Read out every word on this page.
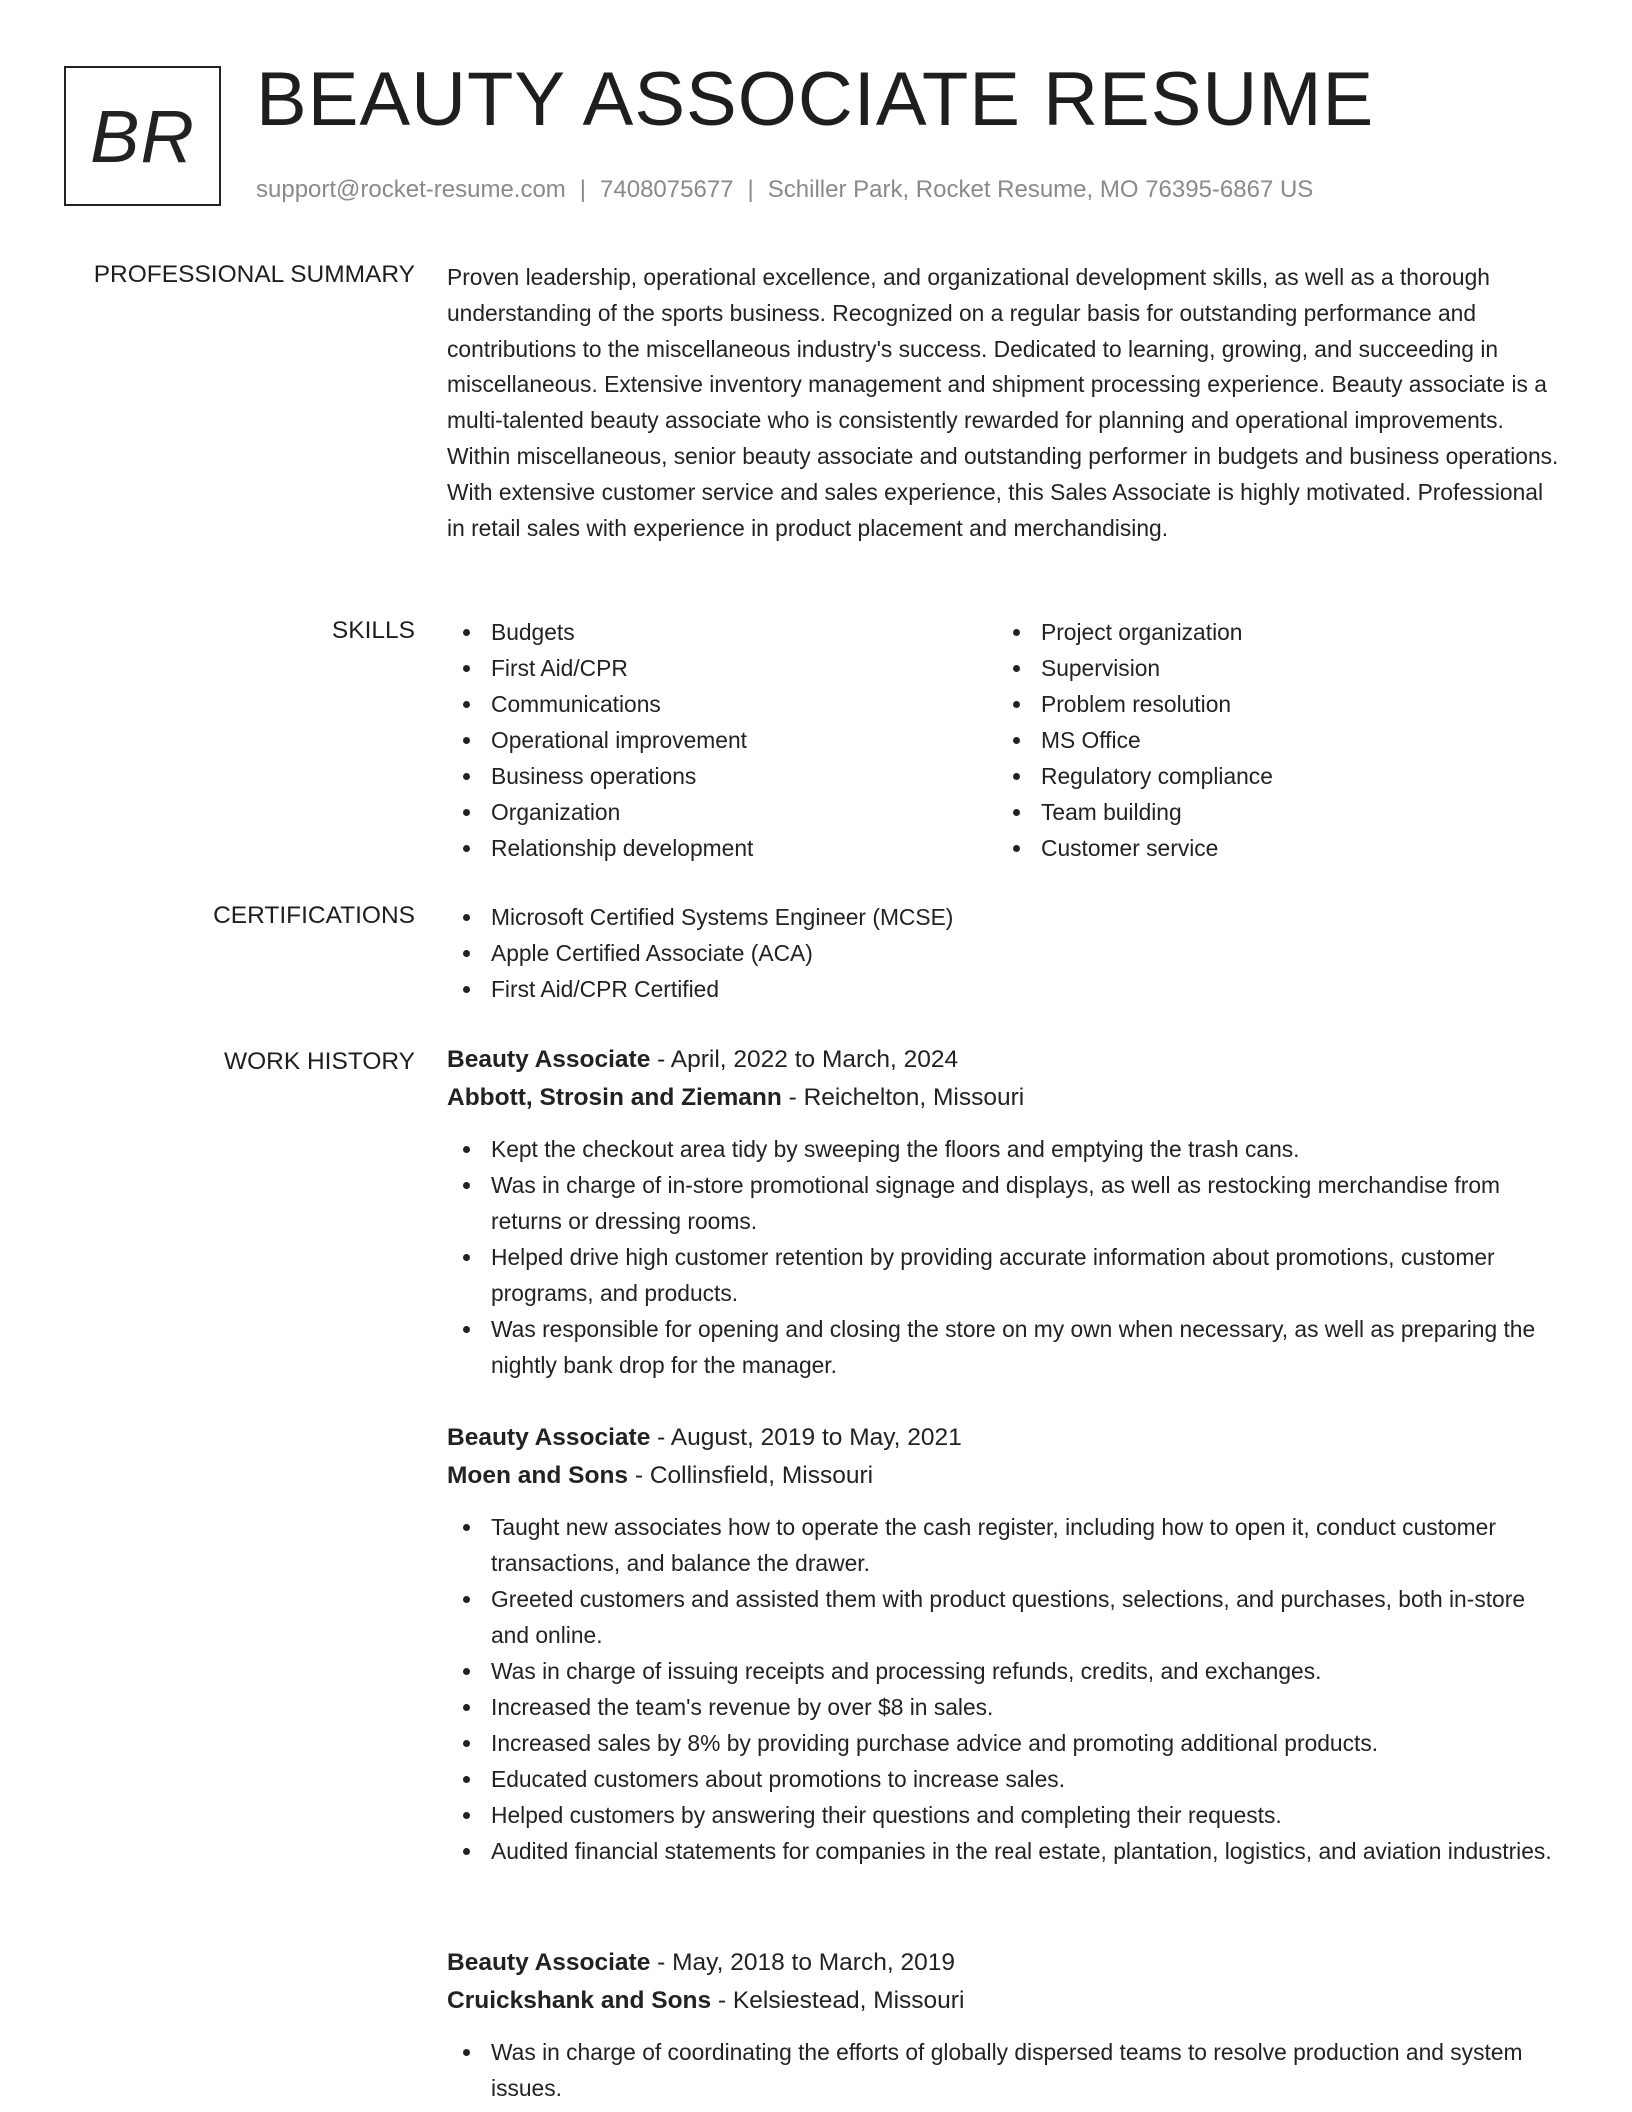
BR BEAUTY ASSOCIATE RESUME
support@rocket-resume.com | 7408075677 | Schiller Park, Rocket Resume, MO 76395-6867 US
PROFESSIONAL SUMMARY Proven leadership, operational excellence, and organizational development skills, as well as a thorough understanding of the sports business. Recognized on a regular basis for outstanding performance and contributions to the miscellaneous industry's success. Dedicated to learning, growing, and succeeding in miscellaneous. Extensive inventory management and shipment processing experience. Beauty associate is a multi-talented beauty associate who is consistently rewarded for planning and operational improvements. Within miscellaneous, senior beauty associate and outstanding performer in budgets and business operations. With extensive customer service and sales experience, this Sales Associate is highly motivated. Professional in retail sales with experience in product placement and merchandising.

SKILLS	Budgets
First Aid/CPR
Communications
Operational improvement
Business operations
Organization
Relationship development
Project organization
Supervision
Problem resolution
MS Office
Regulatory compliance
Team building
Customer service
CERTIFICATIONS	Microsoft Certified Systems Engineer (MCSE)
Apple Certified Associate (ACA)
First Aid/CPR Certified
WORK HISTORY Beauty Associate - April, 2022 to March, 2024
Abbott, Strosin and Ziemann - Reichelton, Missouri
Kept the checkout area tidy by sweeping the floors and emptying the trash cans.
Was in charge of in-store promotional signage and displays, as well as restocking merchandise from returns or dressing rooms.
Helped drive high customer retention by providing accurate information about promotions, customer programs, and products.
Was responsible for opening and closing the store on my own when necessary, as well as preparing the nightly bank drop for the manager.
Beauty Associate - August, 2019 to May, 2021
Moen and Sons - Collinsfield, Missouri
Taught new associates how to operate the cash register, including how to open it, conduct customer transactions, and balance the drawer.
Greeted customers and assisted them with product questions, selections, and purchases, both in-store and online.
Was in charge of issuing receipts and processing refunds, credits, and exchanges.
Increased the team's revenue by over $8 in sales.
Increased sales by 8% by providing purchase advice and promoting additional products.
Educated customers about promotions to increase sales.
Helped customers by answering their questions and completing their requests.
Audited financial statements for companies in the real estate, plantation, logistics, and aviation industries.
Beauty Associate - May, 2018 to March, 2019
Cruickshank and Sons - Kelsiestead, Missouri
Was in charge of coordinating the efforts of globally dispersed teams to resolve production and system issues.
